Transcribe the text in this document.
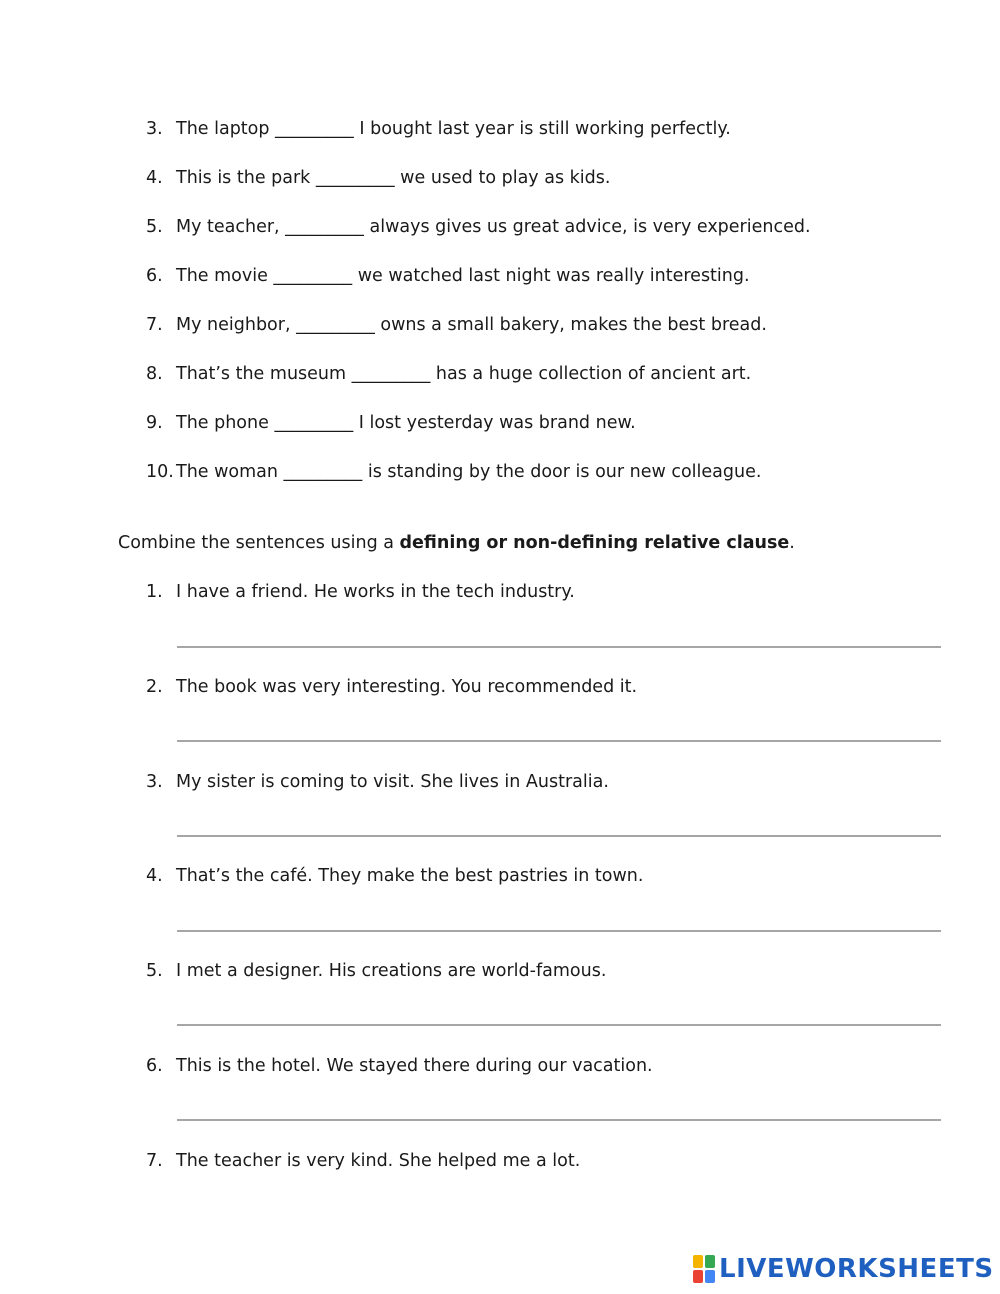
3. The laptop _________ I bought last year is still working perfectly.
4. This is the park _________ we used to play as kids.
5. My teacher, _________ always gives us great advice, is very experienced.
6. The movie _________ we watched last night was really interesting.
7. My neighbor, _________ owns a small bakery, makes the best bread.
8. That’s the museum _________ has a huge collection of ancient art.
9. The phone _________ I lost yesterday was brand new.
10. The woman _________ is standing by the door is our new colleague.
Combine the sentences using a defining or non-defining relative clause.
1. I have a friend. He works in the tech industry.
2. The book was very interesting. You recommended it.
3. My sister is coming to visit. She lives in Australia.
4. That’s the café. They make the best pastries in town.
5. I met a designer. His creations are world-famous.
6. This is the hotel. We stayed there during our vacation.
7. The teacher is very kind. She helped me a lot.
LIVEWORKSHEETS
